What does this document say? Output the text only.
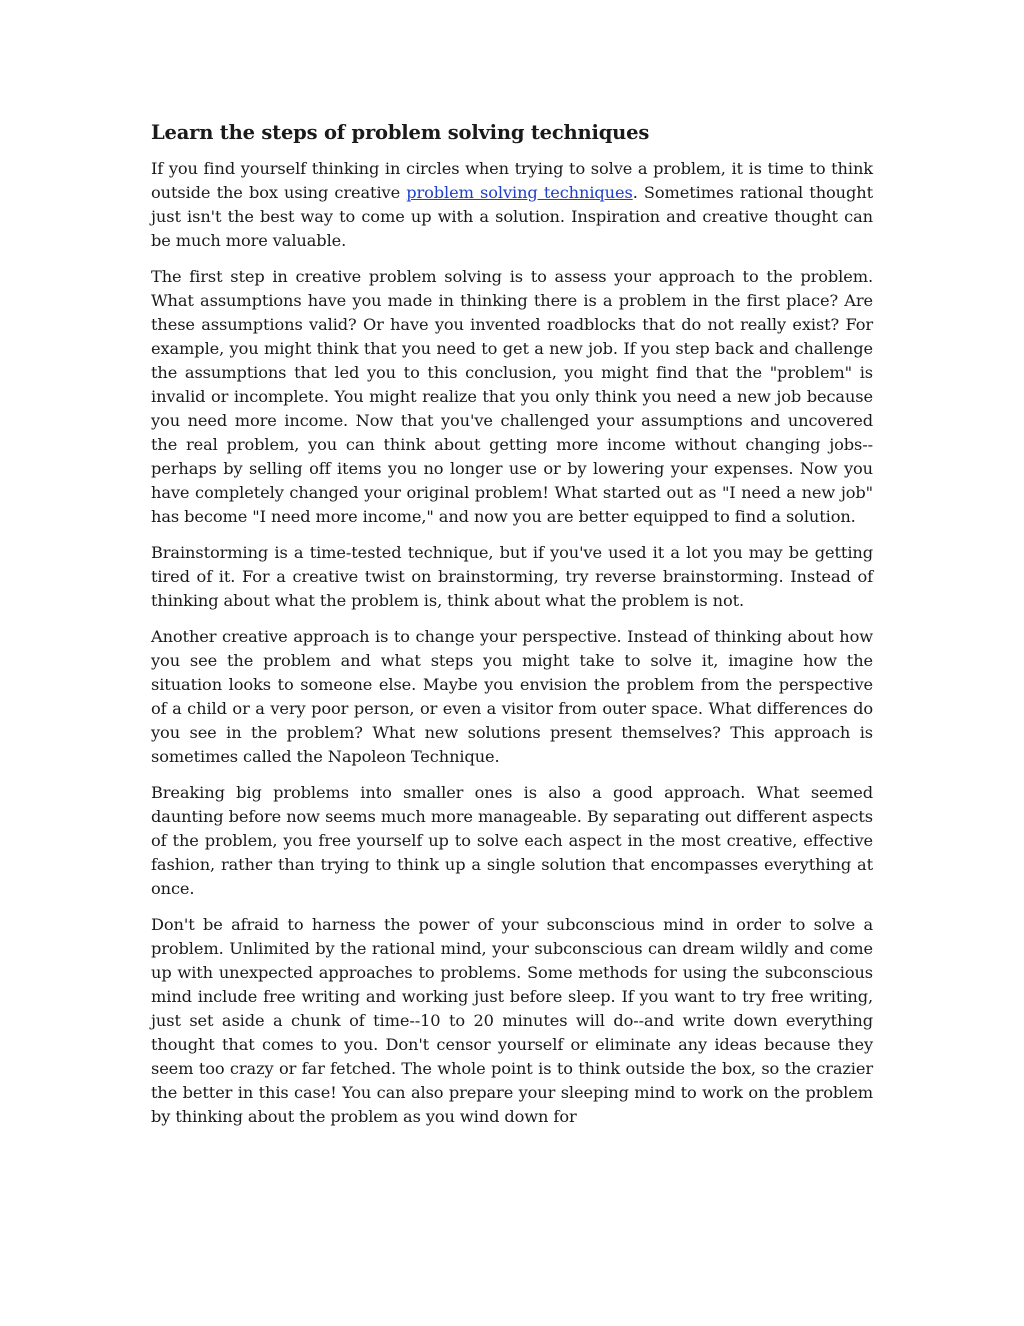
Learn the steps of problem solving techniques

If you find yourself thinking in circles when trying to solve a problem, it is time to think outside the box using creative problem solving techniques. Sometimes rational thought just isn't the best way to come up with a solution. Inspiration and creative thought can be much more valuable.

The first step in creative problem solving is to assess your approach to the problem. What assumptions have you made in thinking there is a problem in the first place? Are these assumptions valid? Or have you invented roadblocks that do not really exist? For example, you might think that you need to get a new job. If you step back and challenge the assumptions that led you to this conclusion, you might find that the "problem" is invalid or incomplete. You might realize that you only think you need a new job because you need more income. Now that you've challenged your assumptions and uncovered the real problem, you can think about getting more income without changing jobs--perhaps by selling off items you no longer use or by lowering your expenses. Now you have completely changed your original problem! What started out as "I need a new job" has become "I need more income," and now you are better equipped to find a solution.

Brainstorming is a time-tested technique, but if you've used it a lot you may be getting tired of it. For a creative twist on brainstorming, try reverse brainstorming. Instead of thinking about what the problem is, think about what the problem is not.

Another creative approach is to change your perspective. Instead of thinking about how you see the problem and what steps you might take to solve it, imagine how the situation looks to someone else. Maybe you envision the problem from the perspective of a child or a very poor person, or even a visitor from outer space. What differences do you see in the problem? What new solutions present themselves? This approach is sometimes called the Napoleon Technique.

Breaking big problems into smaller ones is also a good approach. What seemed daunting before now seems much more manageable. By separating out different aspects of the problem, you free yourself up to solve each aspect in the most creative, effective fashion, rather than trying to think up a single solution that encompasses everything at once.

Don't be afraid to harness the power of your subconscious mind in order to solve a problem. Unlimited by the rational mind, your subconscious can dream wildly and come up with unexpected approaches to problems. Some methods for using the subconscious mind include free writing and working just before sleep. If you want to try free writing, just set aside a chunk of time--10 to 20 minutes will do--and write down everything thought that comes to you. Don't censor yourself or eliminate any ideas because they seem too crazy or far fetched. The whole point is to think outside the box, so the crazier the better in this case! You can also prepare your sleeping mind to work on the problem by thinking about the problem as you wind down for
